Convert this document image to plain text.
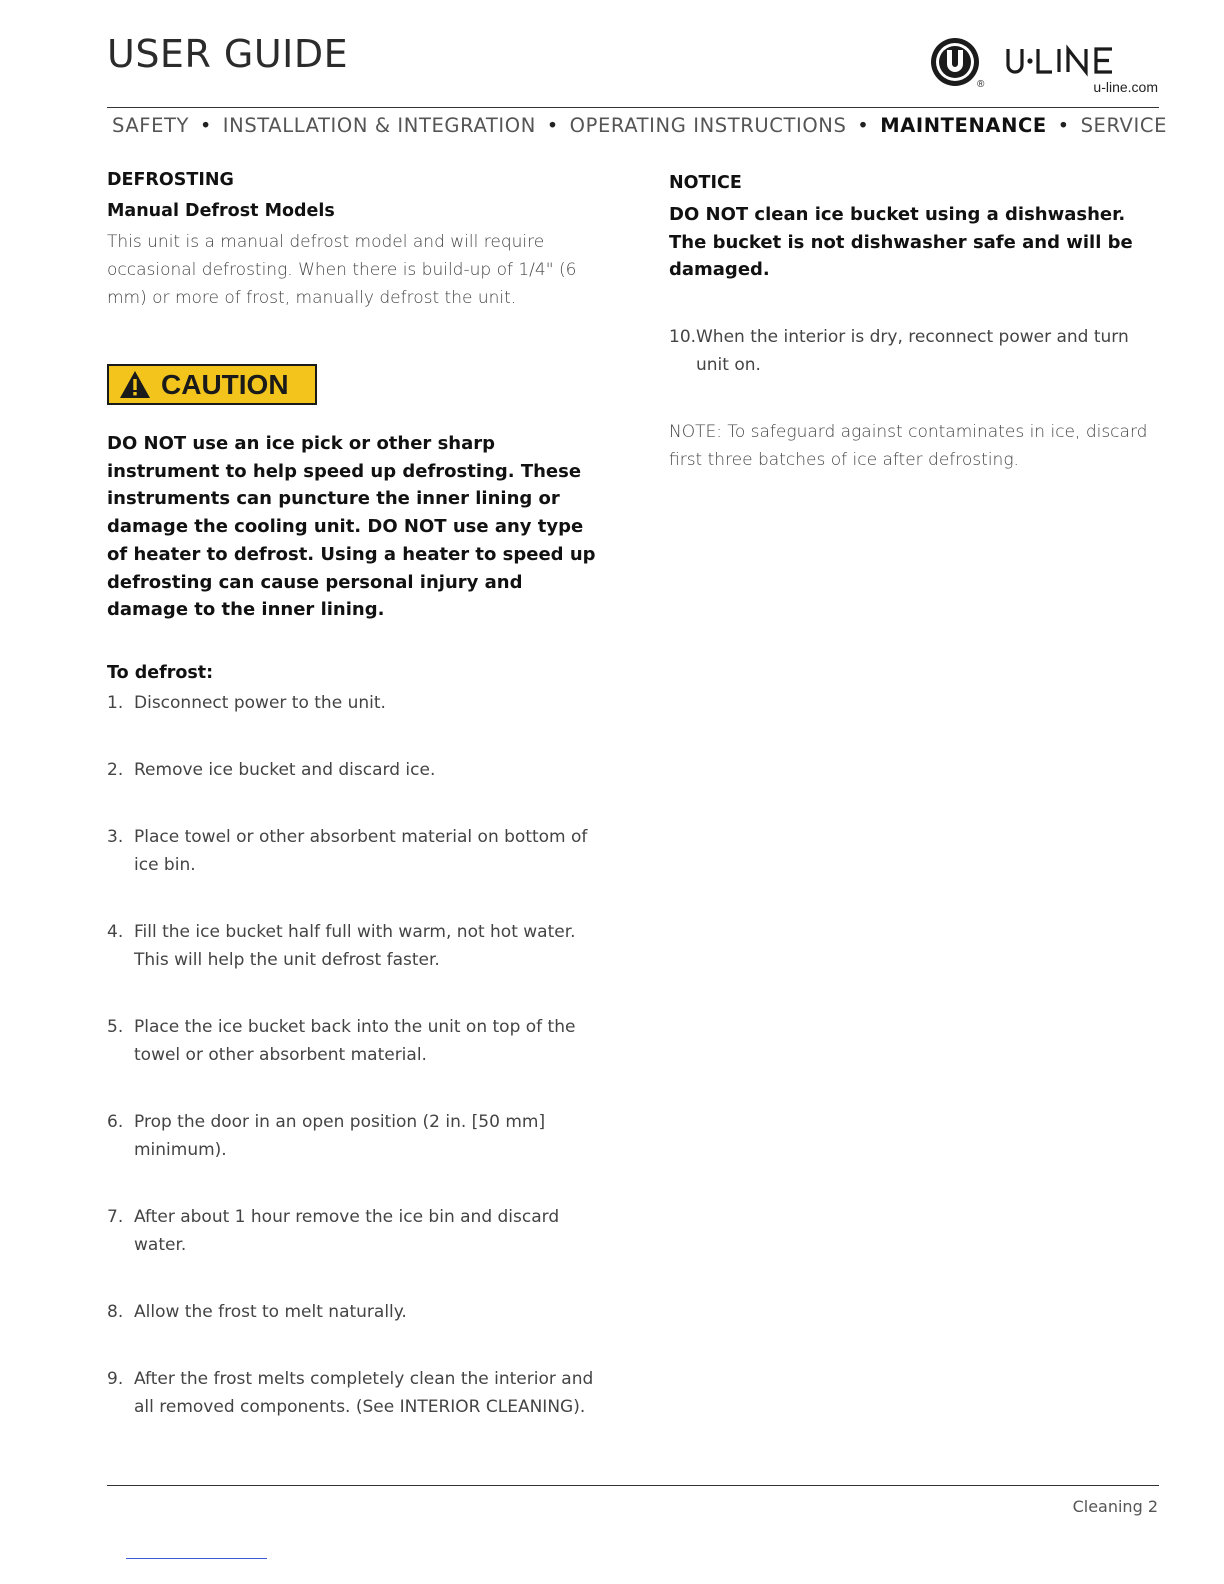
USER GUIDE
®	u-line.com
SAFETY • INSTALLATION & INTEGRATION • OPERATING INSTRUCTIONS • MAINTENANCE • SERVICE
DEFROSTING
Manual Defrost Models

This unit is a manual defrost model and will require occasional defrosting. When there is build-up of 1/4" (6 mm) or more of frost, manually defrost the unit.

CAUTION

DO NOT use an ice pick or other sharp instrument to help speed up defrosting. These instruments can puncture the inner lining or damage the cooling unit. DO NOT use any type of heater to defrost. Using a heater to speed up defrosting can cause personal injury and damage to the inner lining.

To defrost:
1. Disconnect power to the unit.
2. Remove ice bucket and discard ice.
3. Place towel or other absorbent material on bottom of ice bin.
4. Fill the ice bucket half full with warm, not hot water. This will help the unit defrost faster.
5. Place the ice bucket back into the unit on top of the towel or other absorbent material.
6. Prop the door in an open position (2 in. [50 mm] minimum).
7. After about 1 hour remove the ice bin and discard water.
8. Allow the frost to melt naturally.
9. After the frost melts completely clean the interior and all removed components. (See INTERIOR CLEANING).
NOTICE

DO NOT clean ice bucket using a dishwasher. The bucket is not dishwasher safe and will be damaged.

10. When the interior is dry, reconnect power and turn unit on.

NOTE: To safeguard against contaminates in ice, discard first three batches of ice after defrosting.

Cleaning 2
